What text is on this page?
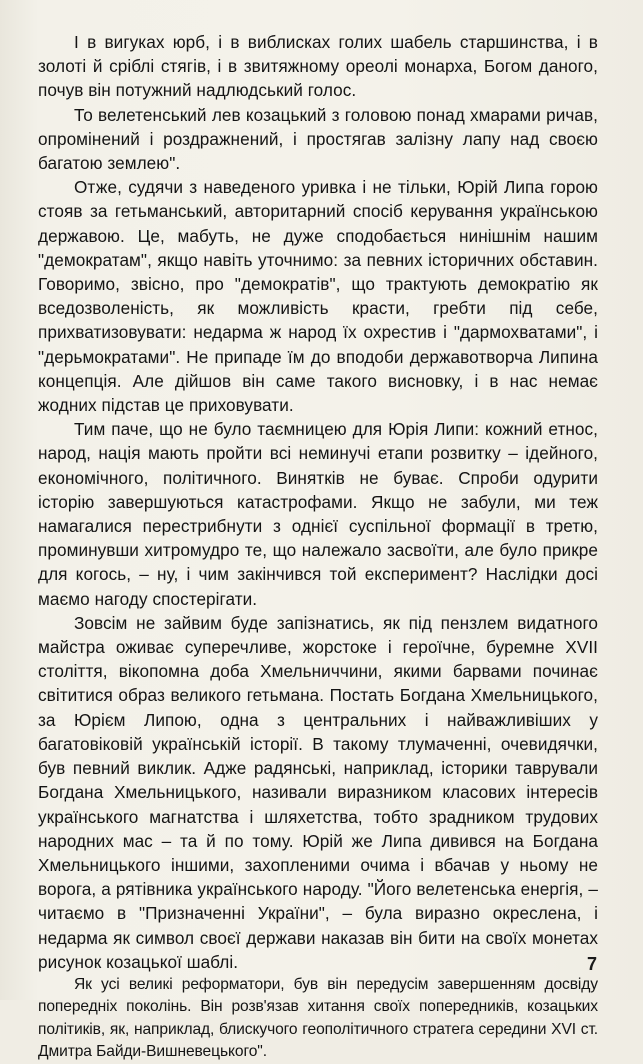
І в вигуках юрб, і в виблисках голих шабель старшинства, і в золоті й сріблі стягів, і в звитяжному ореолі монарха, Богом даного, почув він потужний надлюдський голос.

То велетенський лев козацький з головою понад хмарами ричав, опромінений і роздражнений, і простягав залізну лапу над своєю багатою землею".

Отже, судячи з наведеного уривка і не тільки, Юрій Липа горою стояв за гетьманський, авторитарний спосіб керування українською державою. Це, мабуть, не дуже сподобається нинішнім нашим "демократам", якщо навіть уточнимо: за певних історичних обставин. Говоримо, звісно, про "демократів", що трактують демократію як вседозволеність, як можливість красти, гребти під себе, прихватизовувати: недарма ж народ їх охрестив і "дармохватами", і "дерьмократами". Не припаде їм до вподоби державотворча Липина концепція. Але дійшов він саме такого висновку, і в нас немає жодних підстав це приховувати.

Тим паче, що не було таємницею для Юрія Липи: кожний етнос, народ, нація мають пройти всі неминучі етапи розвитку – ідейного, економічного, політичного. Винятків не буває. Спроби одурити історію завершуються катастрофами. Якщо не забули, ми теж намагалися перестрибнути з однієї суспільної формації в третю, проминувши хитромудро те, що належало засвоїти, але було прикре для когось, – ну, і чим закінчився той експеримент? Наслідки досі маємо нагоду спостерігати.

Зовсім не зайвим буде запізнатись, як під пензлем видатного майстра оживає суперечливе, жорстоке і героїчне, буремне XVII століття, вікопомна доба Хмельниччини, якими барвами починає світитися образ великого гетьмана. Постать Богдана Хмельницького, за Юрієм Липою, одна з центральних і найважливіших у багатовіковій українській історії. В такому тлумаченні, очевидячки, був певний виклик. Адже радянські, наприклад, історики таврували Богдана Хмельницького, називали виразником класових інтересів українського магнатства і шляхетства, тобто зрадником трудових народних мас – та й по тому. Юрій же Липа дивився на Богдана Хмельницького іншими, захопленими очима і вбачав у ньому не ворога, а рятівника українського народу. "Його велетенська енергія, – читаємо в "Призначенні України", – була виразно окреслена, і недарма як символ своєї держави наказав він бити на своїх монетах рисунок козацької шаблі.

Як усі великі реформатори, був він передусім завершенням досвіду попередніх поколінь. Він розв'язав хитання своїх попередників, козацьких політиків, як, наприклад, блискучого геополітичного стратега середини XVI ст. Дмитра Байди-Вишневецького".

7
